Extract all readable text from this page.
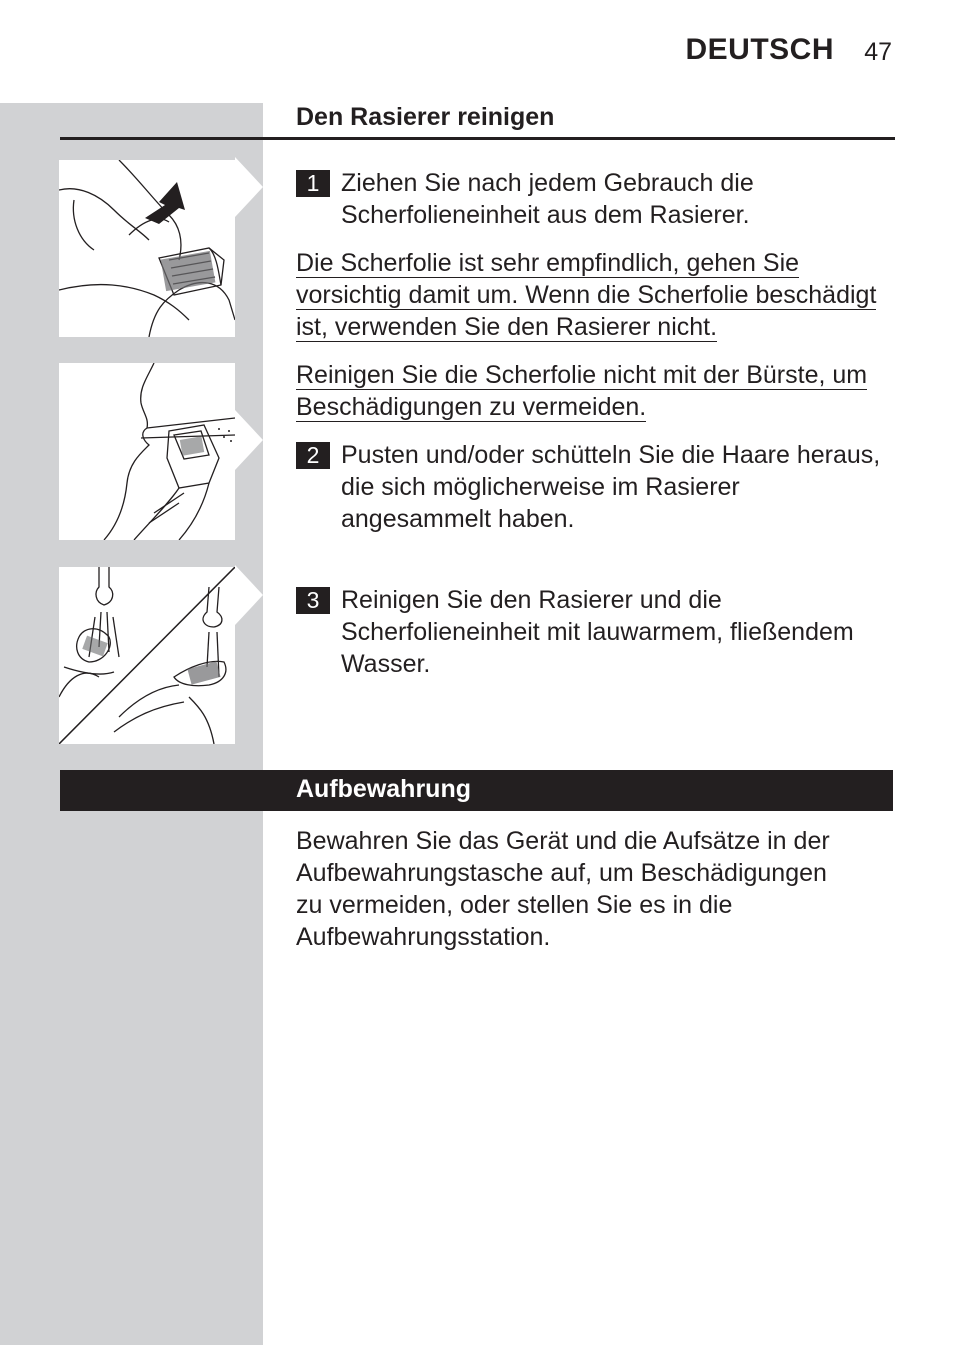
DEUTSCH 47
Den Rasierer reinigen
1 Ziehen Sie nach jedem Gebrauch die Scherfolieneinheit aus dem Rasierer.
Die Scherfolie ist sehr empfindlich, gehen Sie vorsichtig damit um. Wenn die Scherfolie beschädigt ist, verwenden Sie den Rasierer nicht.
Reinigen Sie die Scherfolie nicht mit der Bürste, um Beschädigungen zu vermeiden.
2 Pusten und/oder schütteln Sie die Haare heraus, die sich möglicherweise im Rasierer angesammelt haben.
3 Reinigen Sie den Rasierer und die Scherfolieneinheit mit lauwarmem, fließendem Wasser.
Aufbewahrung
Bewahren Sie das Gerät und die Aufsätze in der Aufbewahrungstasche auf, um Beschädigungen zu vermeiden, oder stellen Sie es in die Aufbewahrungsstation.
